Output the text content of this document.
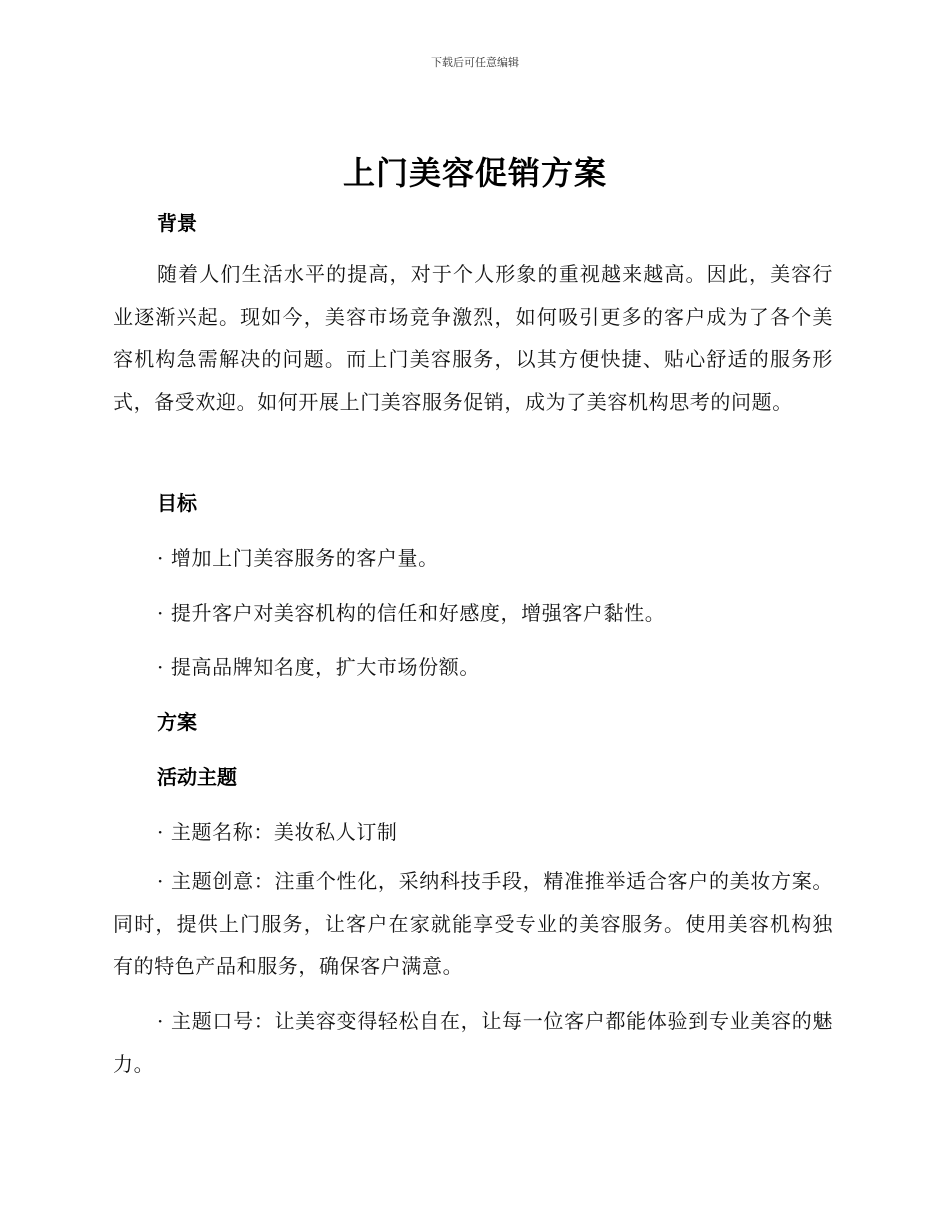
下载后可任意编辑
上门美容促销方案
背景
随着人们生活水平的提高，对于个人形象的重视越来越高。因此，美容行业逐渐兴起。现如今，美容市场竞争激烈，如何吸引更多的客户成为了各个美容机构急需解决的问题。而上门美容服务，以其方便快捷、贴心舒适的服务形式，备受欢迎。如何开展上门美容服务促销，成为了美容机构思考的问题。
目标
· 增加上门美容服务的客户量。
· 提升客户对美容机构的信任和好感度，增强客户黏性。
· 提高品牌知名度，扩大市场份额。
方案
活动主题
· 主题名称：美妆私人订制
· 主题创意：注重个性化，采纳科技手段，精准推举适合客户的美妆方案。同时，提供上门服务，让客户在家就能享受专业的美容服务。使用美容机构独有的特色产品和服务，确保客户满意。
· 主题口号：让美容变得轻松自在，让每一位客户都能体验到专业美容的魅力。
